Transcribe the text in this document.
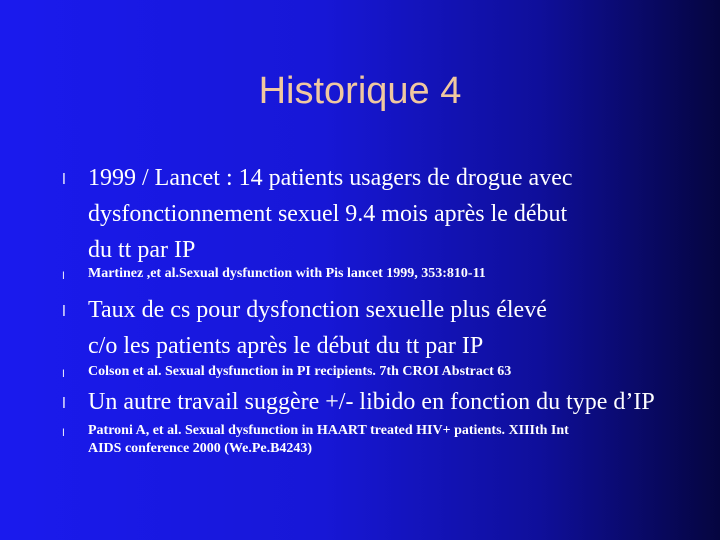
Historique 4
l 1999 / Lancet : 14 patients usagers de drogue avec
dysfonctionnement sexuel 9.4 mois après le début
du tt par IP
l Martinez ,et al.Sexual dysfunction with Pis lancet 1999, 353:810-11
l Taux de cs pour dysfonction sexuelle plus élevé
c/o les patients après le début du tt par IP
l Colson et al. Sexual dysfunction in PI recipients. 7th CROI Abstract 63
l Un autre travail suggère +/- libido en fonction du type d’IP
l Patroni A, et al. Sexual dysfunction in HAART treated HIV+ patients. XIIIth Int
AIDS conference 2000 (We.Pe.B4243)
